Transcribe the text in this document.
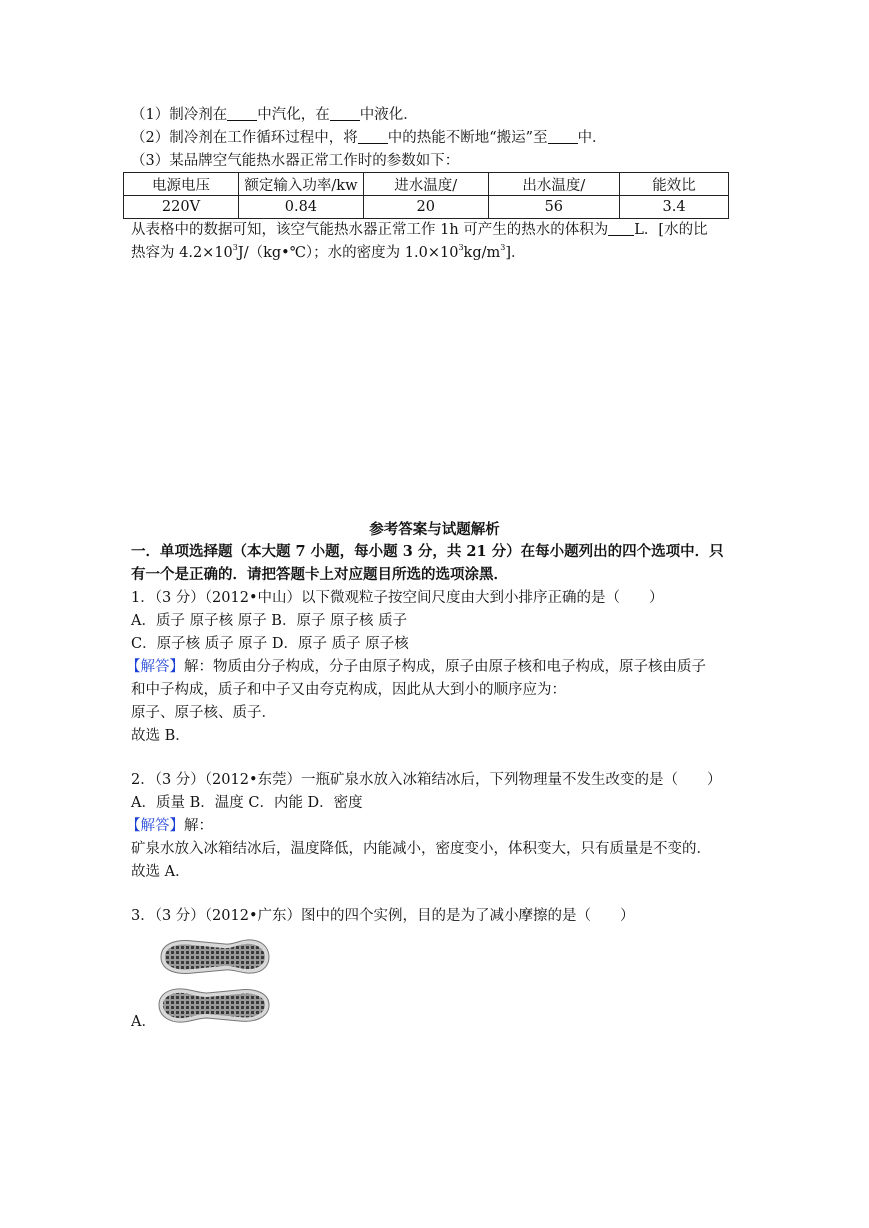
（1）制冷剂在 中汽化，在 中液化．
（2）制冷剂在工作循环过程中，将 中的热能不断地“搬运”至 中．
（3）某品牌空气能热水器正常工作时的参数如下：
电源电压	额定输入功率/kw	进水温度/	出水温度/	能效比
220V	0.84	20	56	3.4
从表格中的数据可知，该空气能热水器正常工作 1h 可产生的热水的体积为 L．[水的比
热容为 $4.2\times 10^3J/(kg•℃)$；水的密度为 $1.0\times 10^3kg/m^3$]．
参考答案与试题解析
一．单项选择题（本大题 7 小题，每小题 3 分，共 21 分）在每小题列出的四个选项中．只
有一个是正确的．请把答题卡上对应题目所选的选项涂黑．
1．（3 分）（2012•中山）以下微观粒子按空间尺度由大到小排序正确的是（　　）
A．质子 原子核 原子 B．原子 原子核 质子
C．原子核 质子 原子 D．原子 质子 原子核
【解答】解：物质由分子构成，分子由原子构成，原子由原子核和电子构成，原子核由质子
和中子构成，质子和中子又由夸克构成，因此从大到小的顺序应为：
原子、原子核、质子．
故选 B．
2．（3 分）（2012•东莞）一瓶矿泉水放入冰箱结冰后，下列物理量不发生改变的是（　　）
A．质量 B．温度 C．内能 D．密度
【解答】解：
矿泉水放入冰箱结冰后，温度降低，内能减小，密度变小，体积变大，只有质量是不变的．
故选 A．
3．（3 分）（2012•广东）图中的四个实例，目的是为了减小摩擦的是（　　）
A．
